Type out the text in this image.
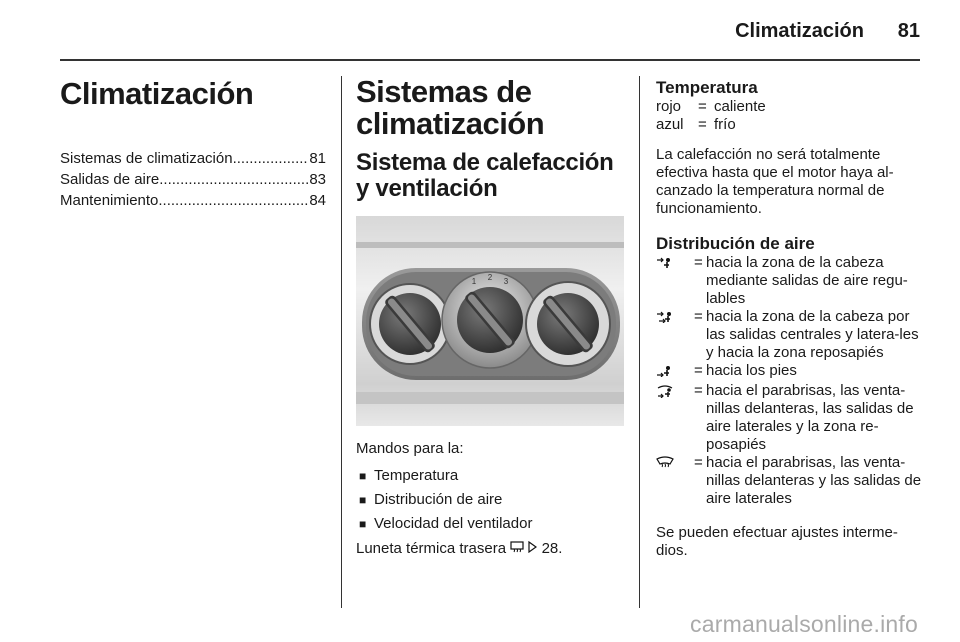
Climatización 81
Climatización
Sistemas de climatización .....	81
Salidas de aire .....	83
Mantenimiento .....	84
Sistemas de climatización
Sistema de calefacción y ventilación
2
1	3
Mandos para la:
■ Temperatura
■ Distribución de aire
■ Velocidad del ventilador
Luneta térmica trasera 28.
Temperatura
rojo	= caliente
azul = frío
La calefacción no será totalmente efectiva hasta que el motor haya al-canzado la temperatura normal de funcionamiento.
Distribución de aire
= hacia la zona de la cabeza mediante salidas de aire regu-lables
= hacia la zona de la cabeza por las salidas centrales y latera-les y hacia la zona reposapiés
= hacia los pies
= hacia el parabrisas, las venta-nillas delanteras, las salidas de aire laterales y la zona re-posapiés
= hacia el parabrisas, las venta-nillas delanteras y las salidas de aire laterales
Se pueden efectuar ajustes interme-dios.
carmanualsonline.info
